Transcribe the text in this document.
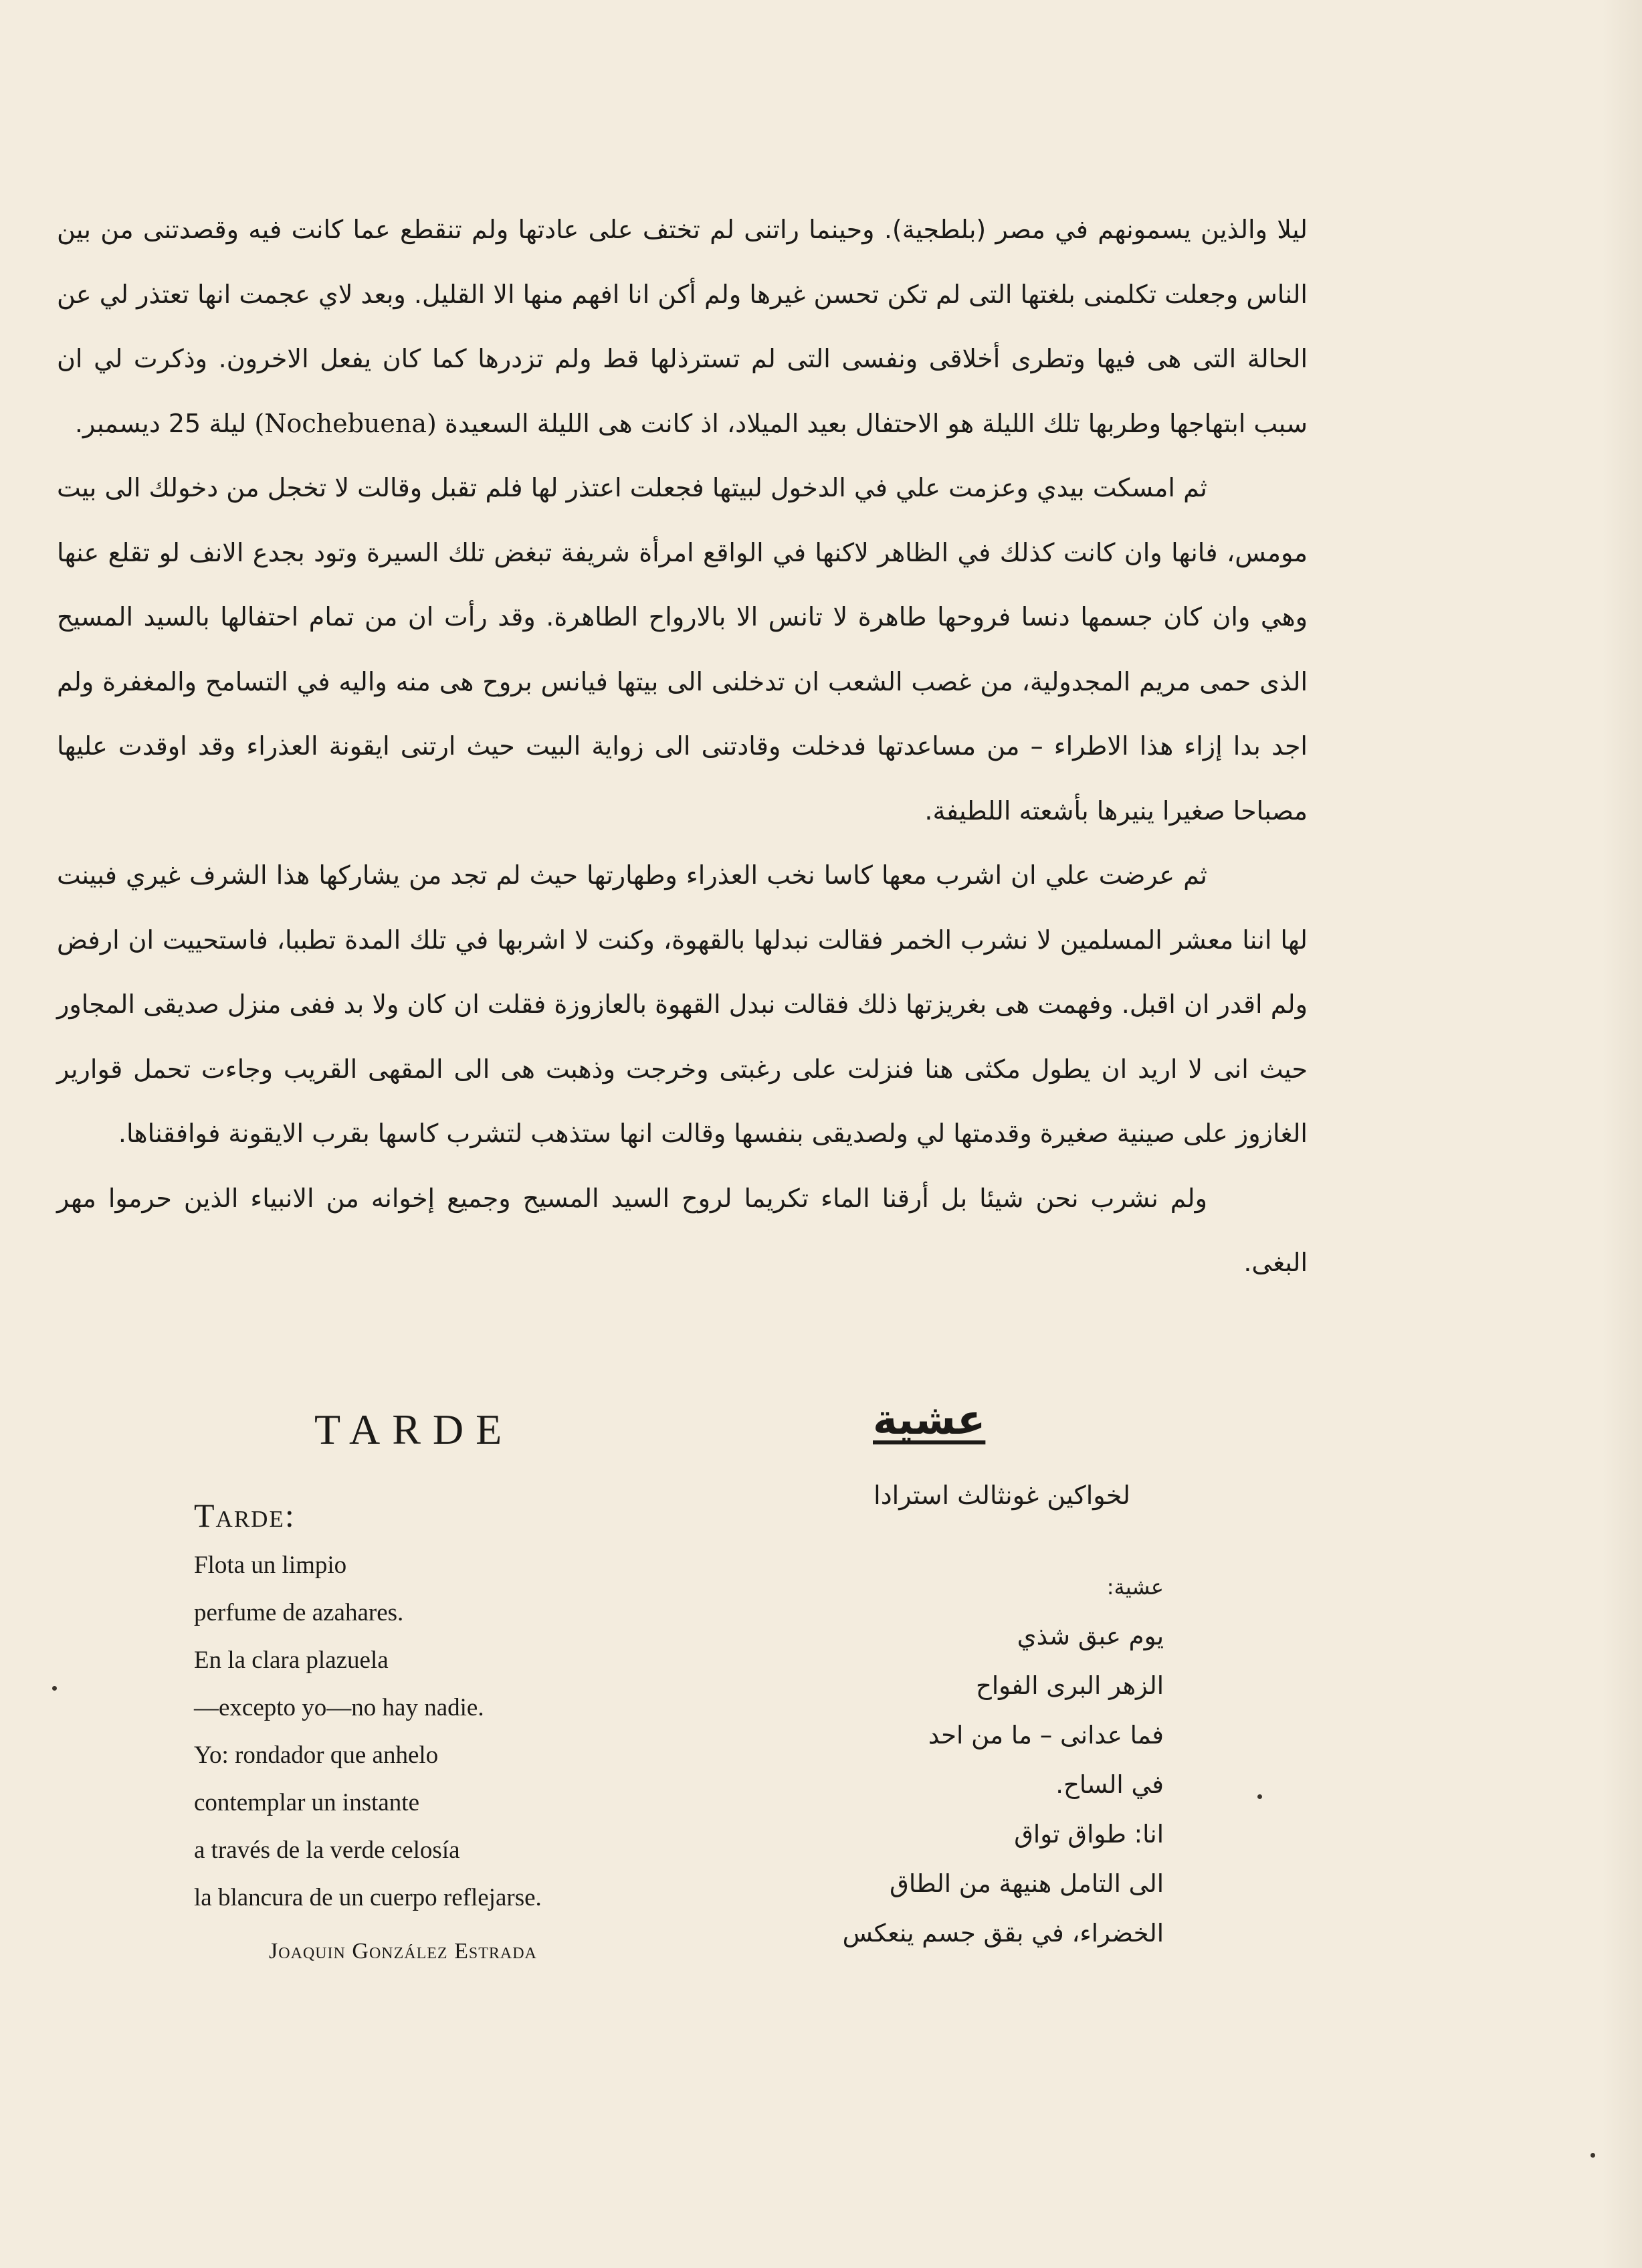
ليلا والذين يسمونهم في مصر (بلطجية). وحينما راتنى لم تختف على عادتها ولم تنقطع عما كانت فيه وقصدتنى من بين الناس وجعلت تكلمنى بلغتها التى لم تكن تحسن غيرها ولم أكن انا افهم منها الا القليل. وبعد لاي عجمت انها تعتذر لي عن الحالة التى هى فيها وتطرى أخلاقى ونفسى التى لم تسترذلها قط ولم تزدرها كما كان يفعل الاخرون. وذكرت لي ان سبب ابتهاجها وطربها تلك الليلة هو الاحتفال بعيد الميلاد، اذ كانت هى الليلة السعيدة (Nochebuena) ليلة 25 ديسمبر.

ثم امسكت بيدي وعزمت علي في الدخول لبيتها فجعلت اعتذر لها فلم تقبل وقالت لا تخجل من دخولك الى بيت مومس، فانها وان كانت كذلك في الظاهر لاكنها في الواقع امرأة شريفة تبغض تلك السيرة وتود بجدع الانف لو تقلع عنها وهي وان كان جسمها دنسا فروحها طاهرة لا تانس الا بالارواح الطاهرة. وقد رأت ان من تمام احتفالها بالسيد المسيح الذى حمى مريم المجدولية، من غصب الشعب ان تدخلنى الى بيتها فيانس بروح هى منه واليه في التسامح والمغفرة ولم اجد بدا إزاء هذا الاطراء – من مساعدتها فدخلت وقادتنى الى زواية البيت حيث ارتنى ايقونة العذراء وقد اوقدت عليها مصباحا صغيرا ينيرها بأشعته اللطيفة.

ثم عرضت علي ان اشرب معها كاسا نخب العذراء وطهارتها حيث لم تجد من يشاركها هذا الشرف غيري فبينت لها اننا معشر المسلمين لا نشرب الخمر فقالت نبدلها بالقهوة، وكنت لا اشربها في تلك المدة تطببا، فاستحييت ان ارفض ولم اقدر ان اقبل. وفهمت هى بغريزتها ذلك فقالت نبدل القهوة بالعازوزة فقلت ان كان ولا بد ففى منزل صديقى المجاور حيث انى لا اريد ان يطول مكثى هنا فنزلت على رغبتى وخرجت وذهبت هى الى المقهى القريب وجاءت تحمل قوارير الغازوز على صينية صغيرة وقدمتها لي ولصديقى بنفسها وقالت انها ستذهب لتشرب كاسها بقرب الايقونة فوافقناها.

ولم نشرب نحن شيئا بل أرقنا الماء تكريما لروح السيد المسيح وجميع إخوانه من الانبياء الذين حرموا مهر البغى.

TARDE	عشية
لخواكين غونثالث استرادا
Tarde:
Flota un limpio
perfume de azahares.
En la clara plazuela
—excepto yo—no hay nadie.
Yo: rondador que anhelo
contemplar un instante
a través de la verde celosía
la blancura de un cuerpo reflejarse.
Joaquin González Estrada
عشية:
يوم عبق شذي
الزهر البرى الفواح
فما عدانى – ما من احد
في الساح.
انا: طواق تواق
الى التامل هنيهة من الطاق
الخضراء، في بقق جسم ينعكس
